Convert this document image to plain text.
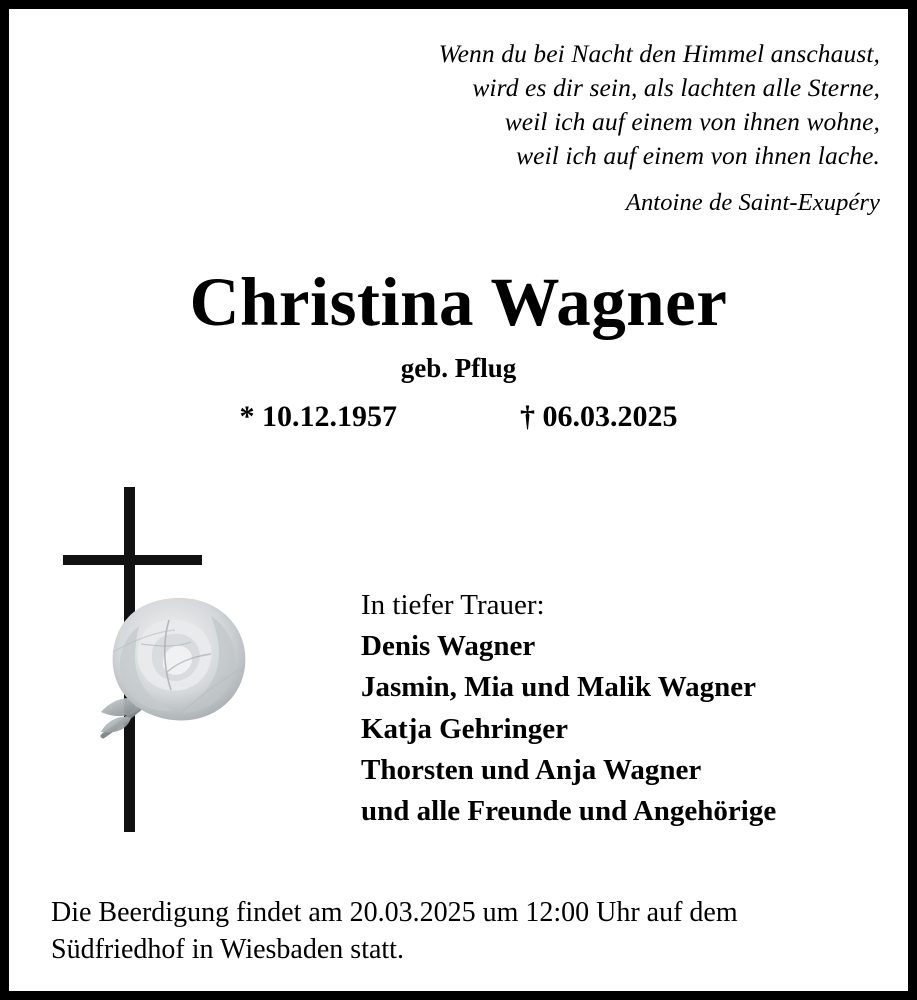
Wenn du bei Nacht den Himmel anschaust,
wird es dir sein, als lachten alle Sterne,
weil ich auf einem von ihnen wohne,
weil ich auf einem von ihnen lache.
Antoine de Saint-Exupéry
Christina Wagner
geb. Pflug
* 10.12.1957	† 06.03.2025
In tiefer Trauer:
Denis Wagner
Jasmin, Mia und Malik Wagner
Katja Gehringer
Thorsten und Anja Wagner
und alle Freunde und Angehörige
Die Beerdigung findet am 20.03.2025 um 12:00 Uhr auf dem
Südfriedhof in Wiesbaden statt.
